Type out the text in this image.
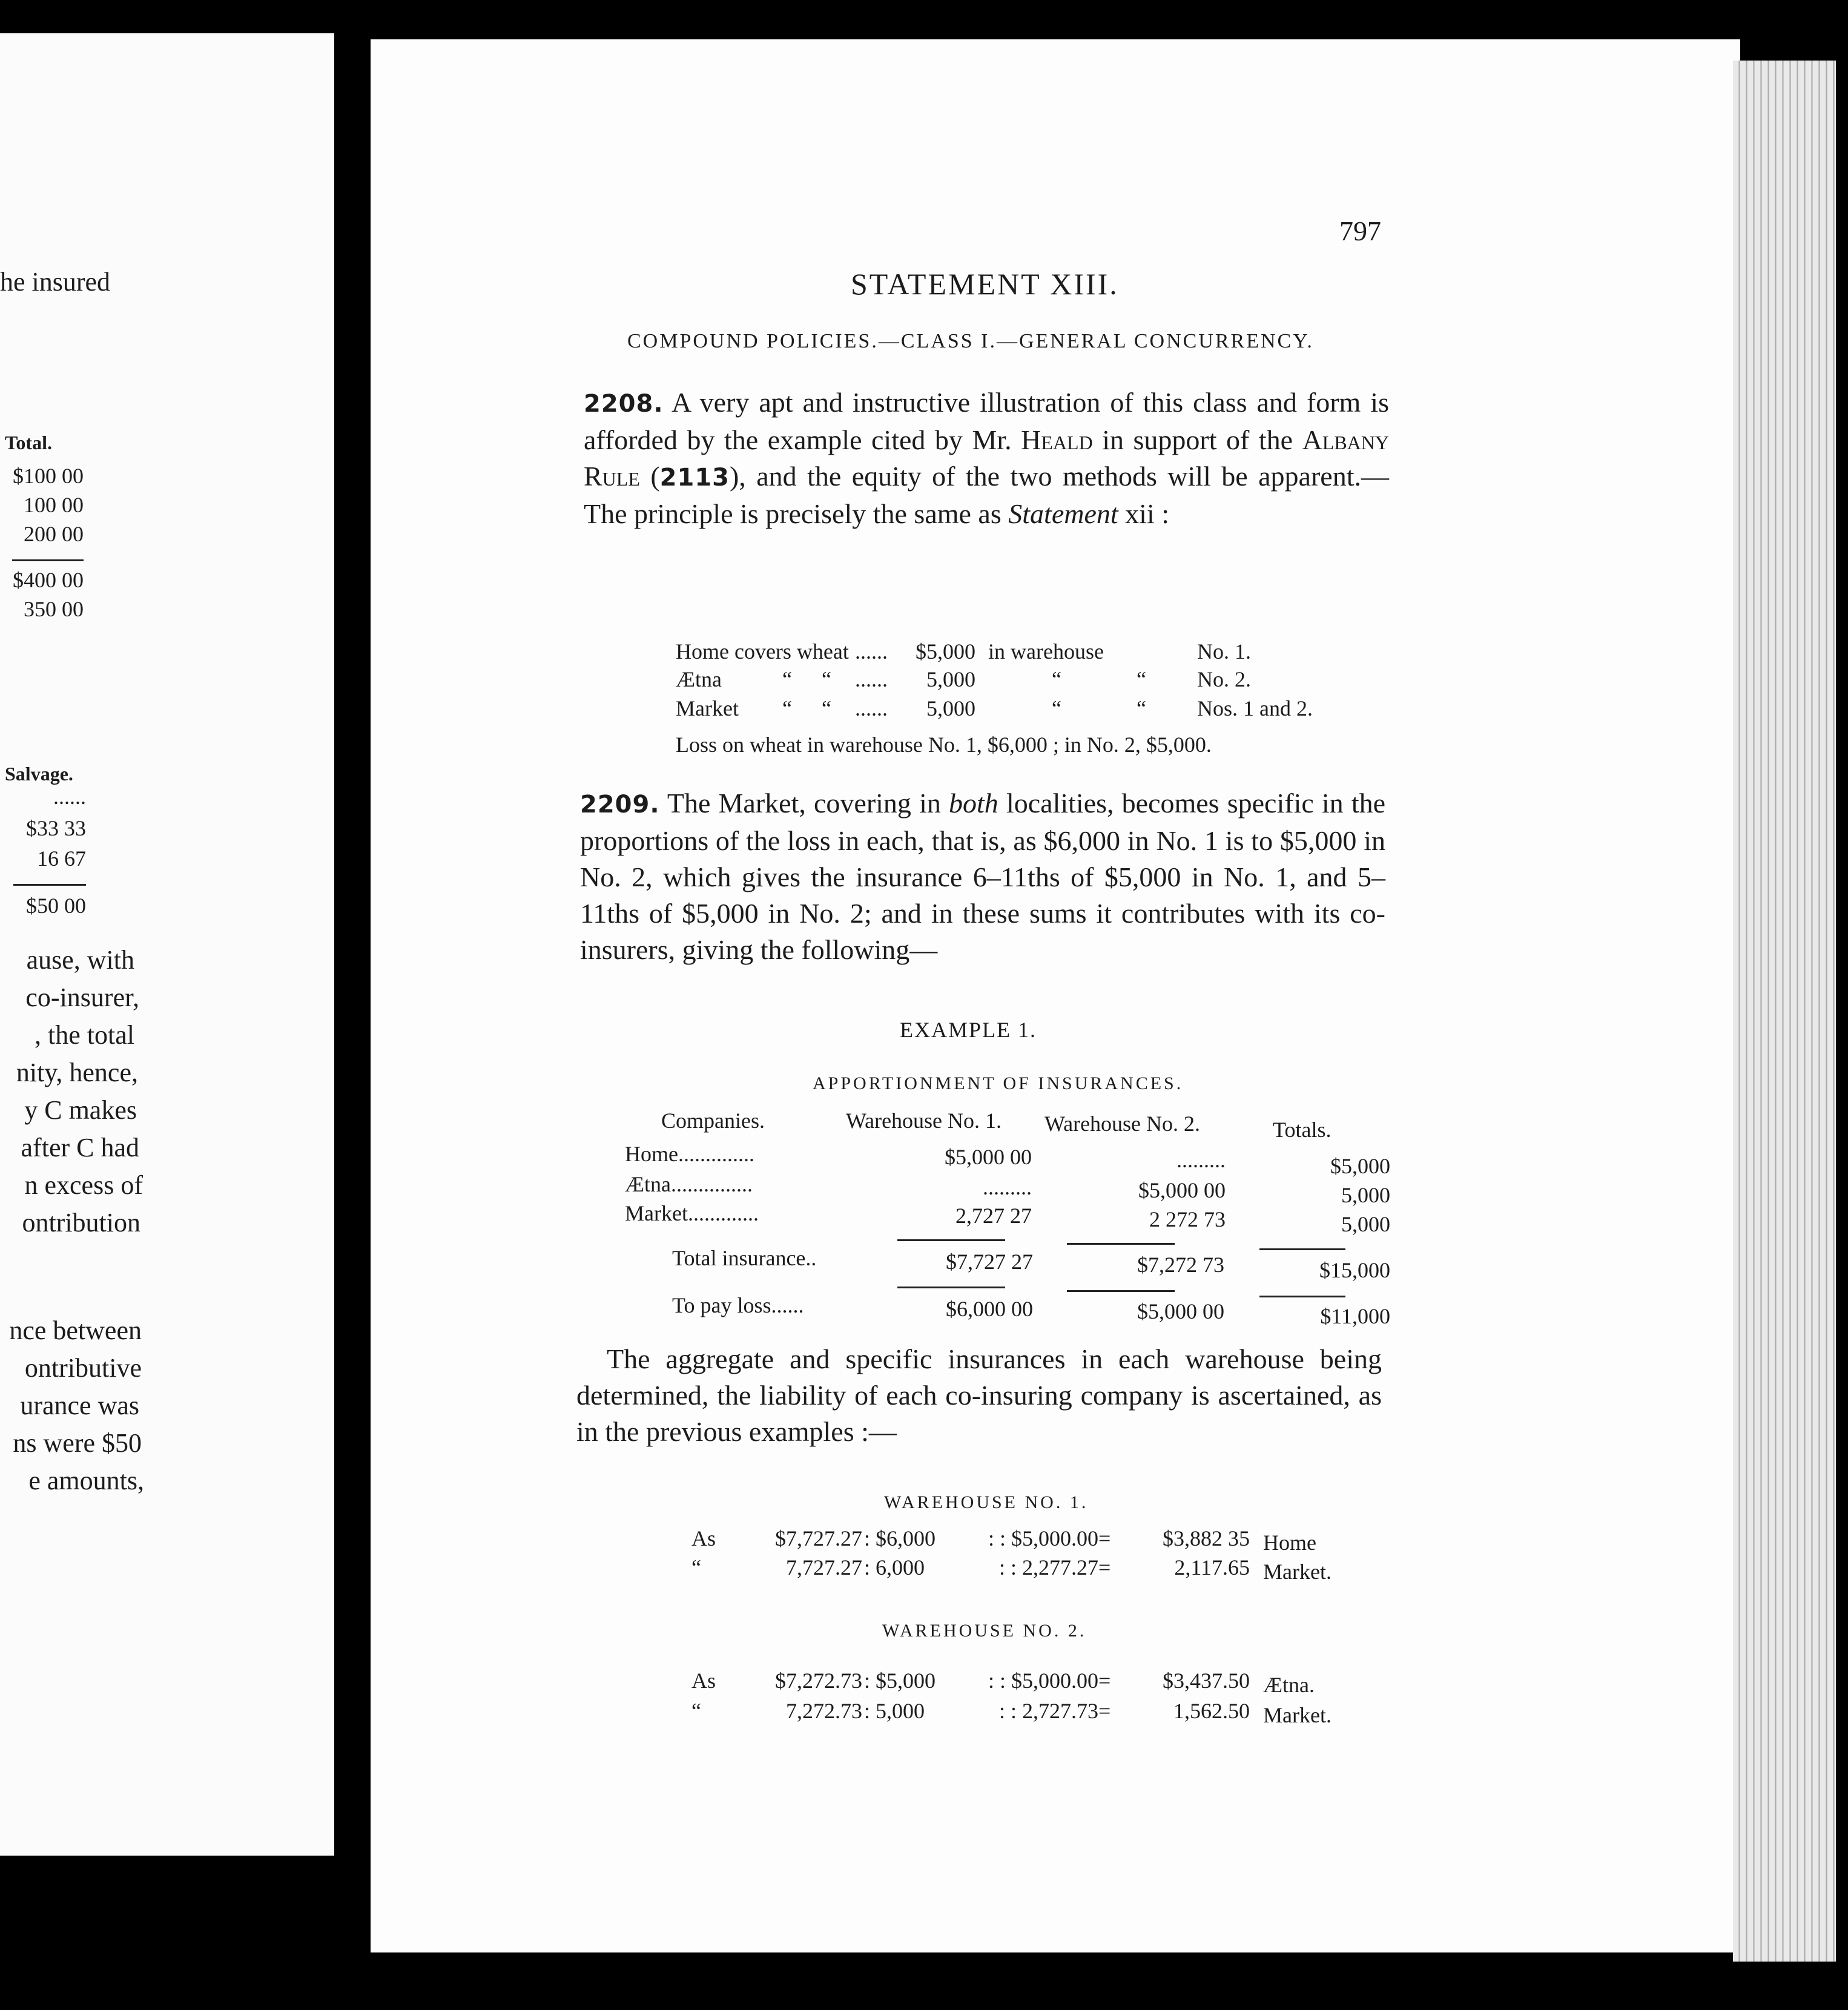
he insured
Total.
$100 00
100 00
200 00
$400 00
350 00
Salvage.
......
$33 33
16 67
$50 00
ause, with
co-insurer,
, the total
nity, hence,
y C makes
after C had
n excess of
ontribution
nce between
ontributive
urance was
ns were $50
e amounts,
797
STATEMENT XIII.
COMPOUND POLICIES.—CLASS I.—GENERAL CONCURRENCY.
2208. A very apt and instructive illustration of this class and form is afforded by the example cited by Mr. Heald in support of the Albany Rule (2113), and the equity of the two methods will be apparent.—The principle is precisely the same as Statement xii :
Home covers wheat ...... $5,000 in warehouse	No. 1.
Ætna	“ “ ...... 5,000	“	“ No. 2.
Market “ “ ...... 5,000	“	“ Nos. 1 and 2.
Loss on wheat in warehouse No. 1, $6,000 ; in No. 2, $5,000.
2209. The Market, covering in both localities, becomes specific in the proportions of the loss in each, that is, as $6,000 in No. 1 is to $5,000 in No. 2, which gives the insurance 6–11ths of $5,000 in No. 1, and 5–11ths of $5,000 in No. 2; and in these sums it contributes with its co-insurers, giving the following—
EXAMPLE 1.
APPORTIONMENT OF INSURANCES.
Companies.	Warehouse No. 1. Warehouse No. 2.	Totals.
Home..............	$5,000 00	.........	$5,000
Ætna...............	.........	$5,000 00	5,000
Market.............	2,727 27	2 272 73	5,000
Total insurance..	$7,727 27	$7,272 73	$15,000
To pay loss......	$6,000 00	$5,000 00	$11,000
The aggregate and specific insurances in each warehouse being determined, the liability of each co-insuring company is ascertained, as in the previous examples :—
WAREHOUSE NO. 1.
As	$7,727.27 : $6,000 : : $5,000.00 = $3,882 35 Home
“	7,727.27 : 6,000	: : 2,277.27 =	2,117.65 Market.
WAREHOUSE NO. 2.
As	$7,272.73 : $5,000 : : $5,000.00 = $3,437.50 Ætna.
“	7,272.73 : 5,000	: : 2,727.73 =	1,562.50 Market.
